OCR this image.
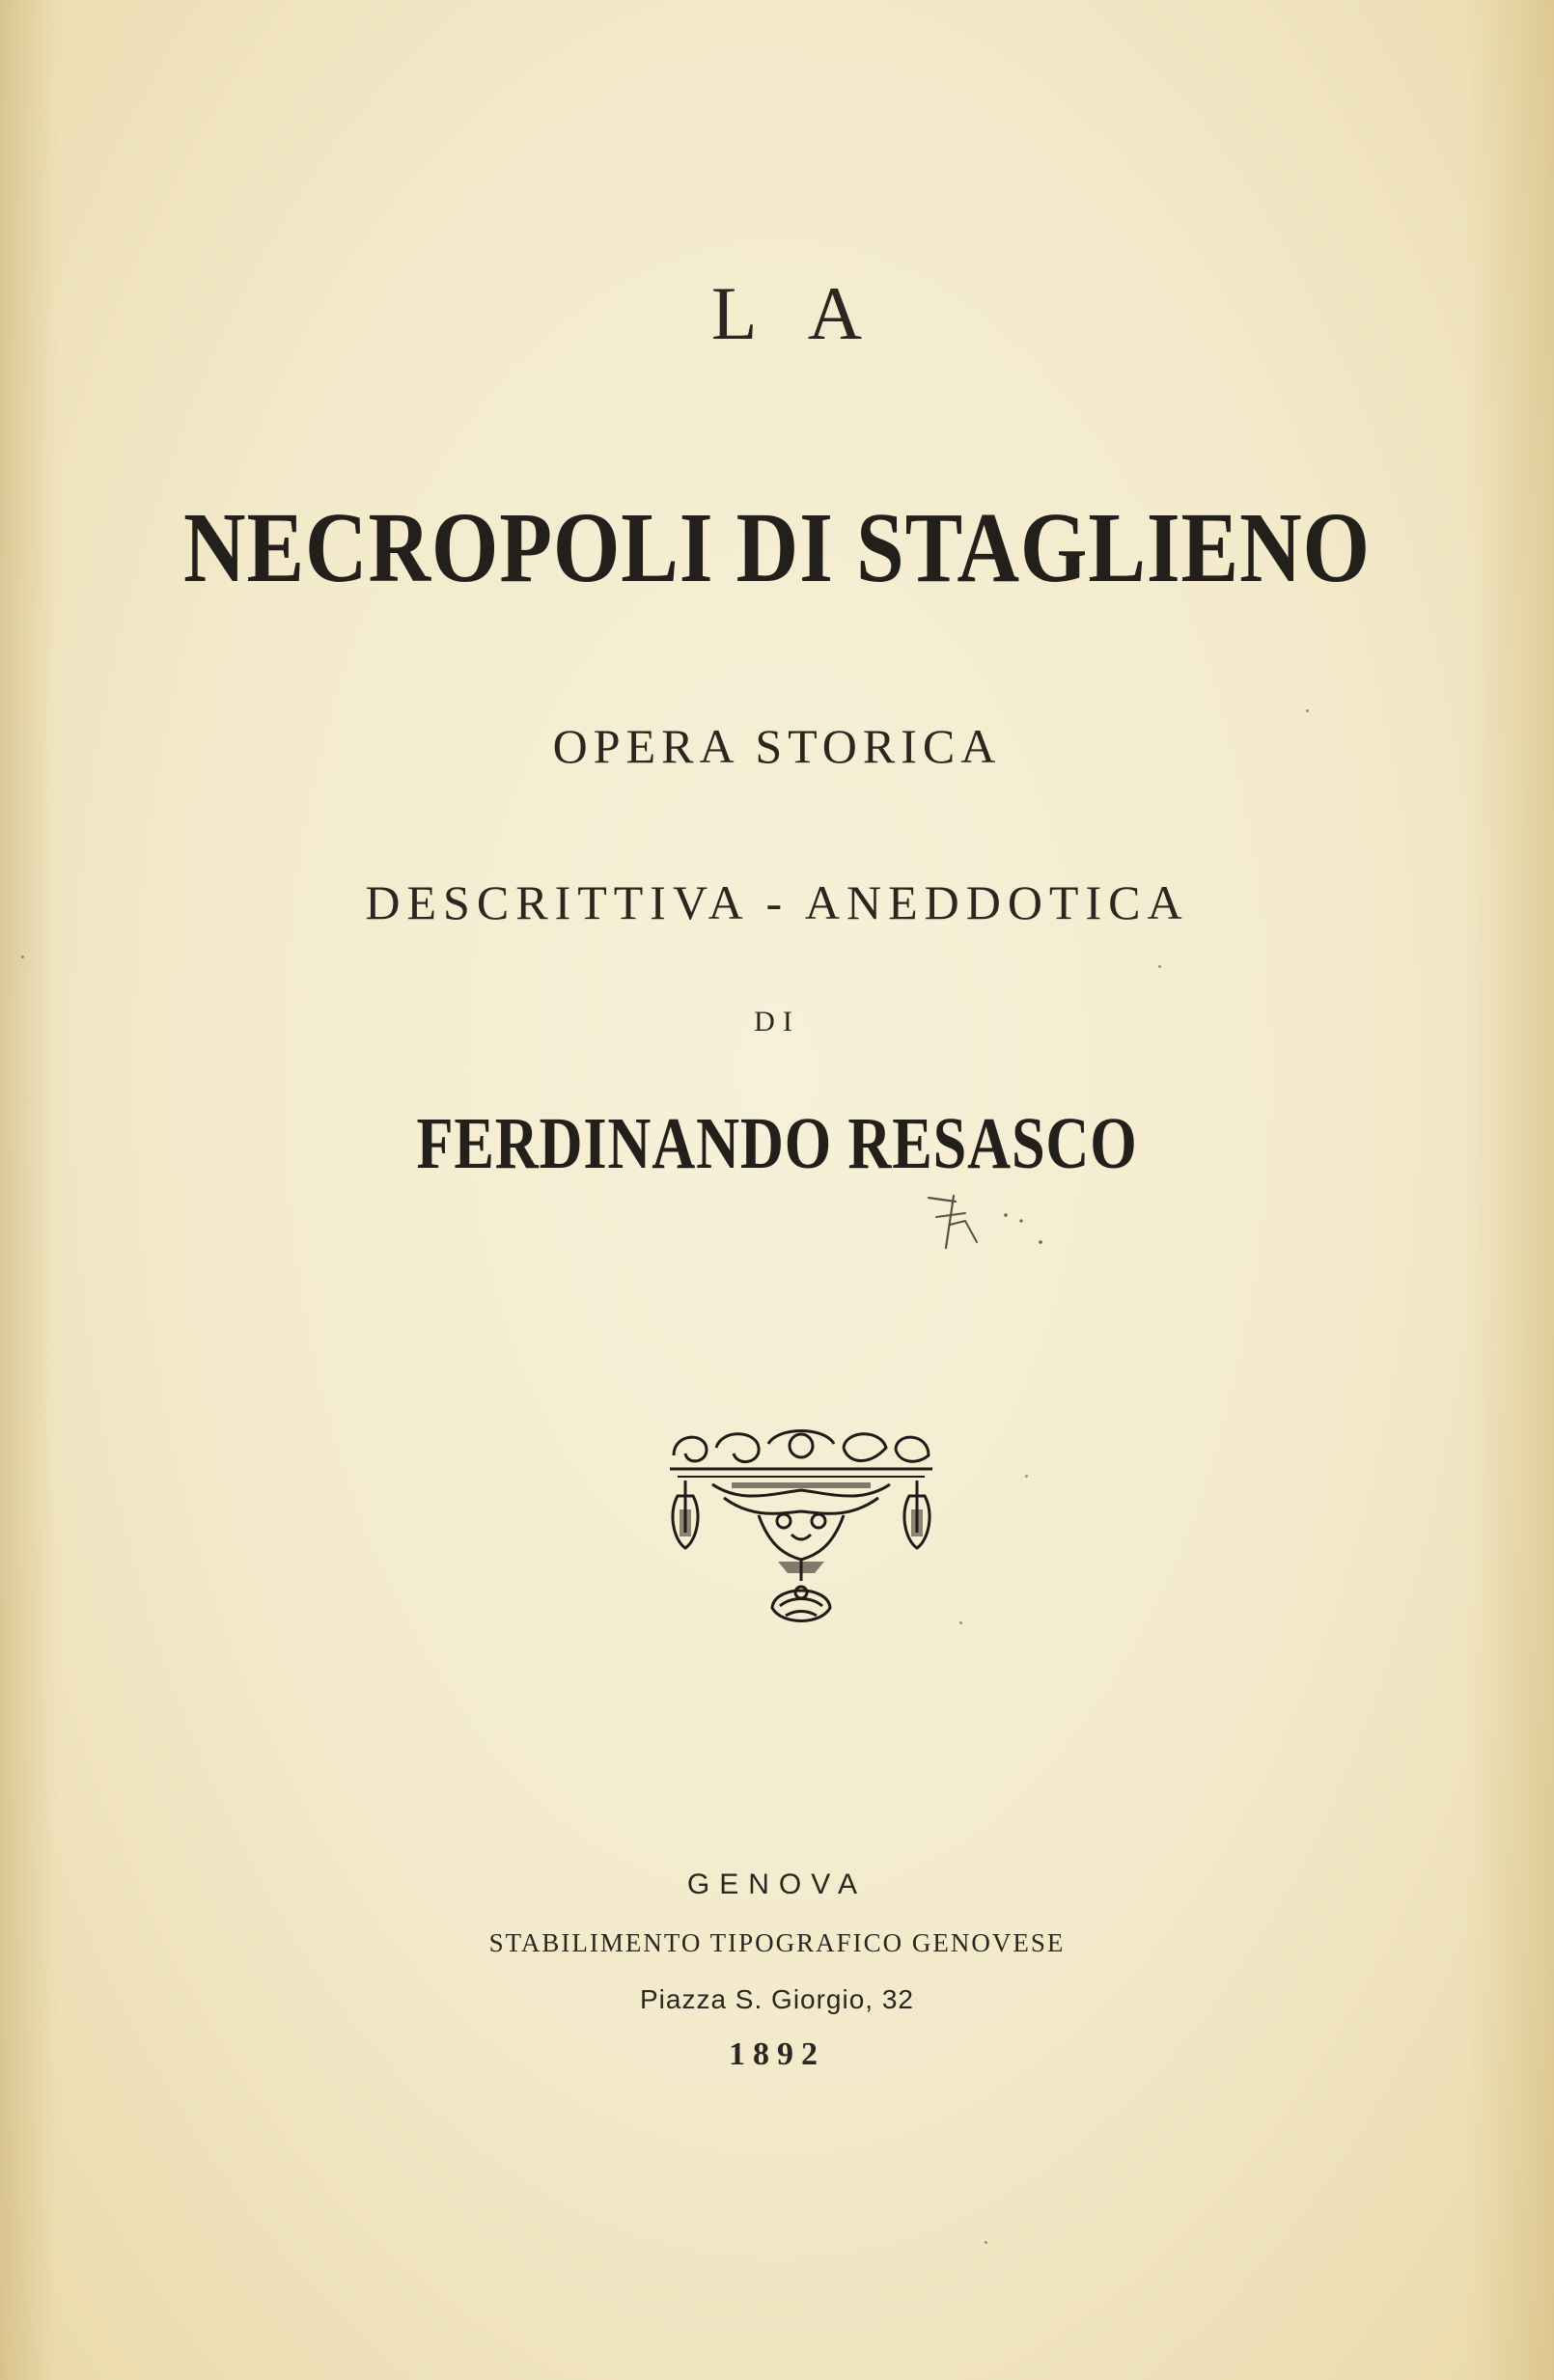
L A
NECROPOLI DI STAGLIENO
OPERA STORICA
DESCRITTIVA - ANEDDOTICA
DI
FERDINANDO RESASCO
GENOVA
STABILIMENTO TIPOGRAFICO GENOVESE
Piazza S. Giorgio, 32
1892
